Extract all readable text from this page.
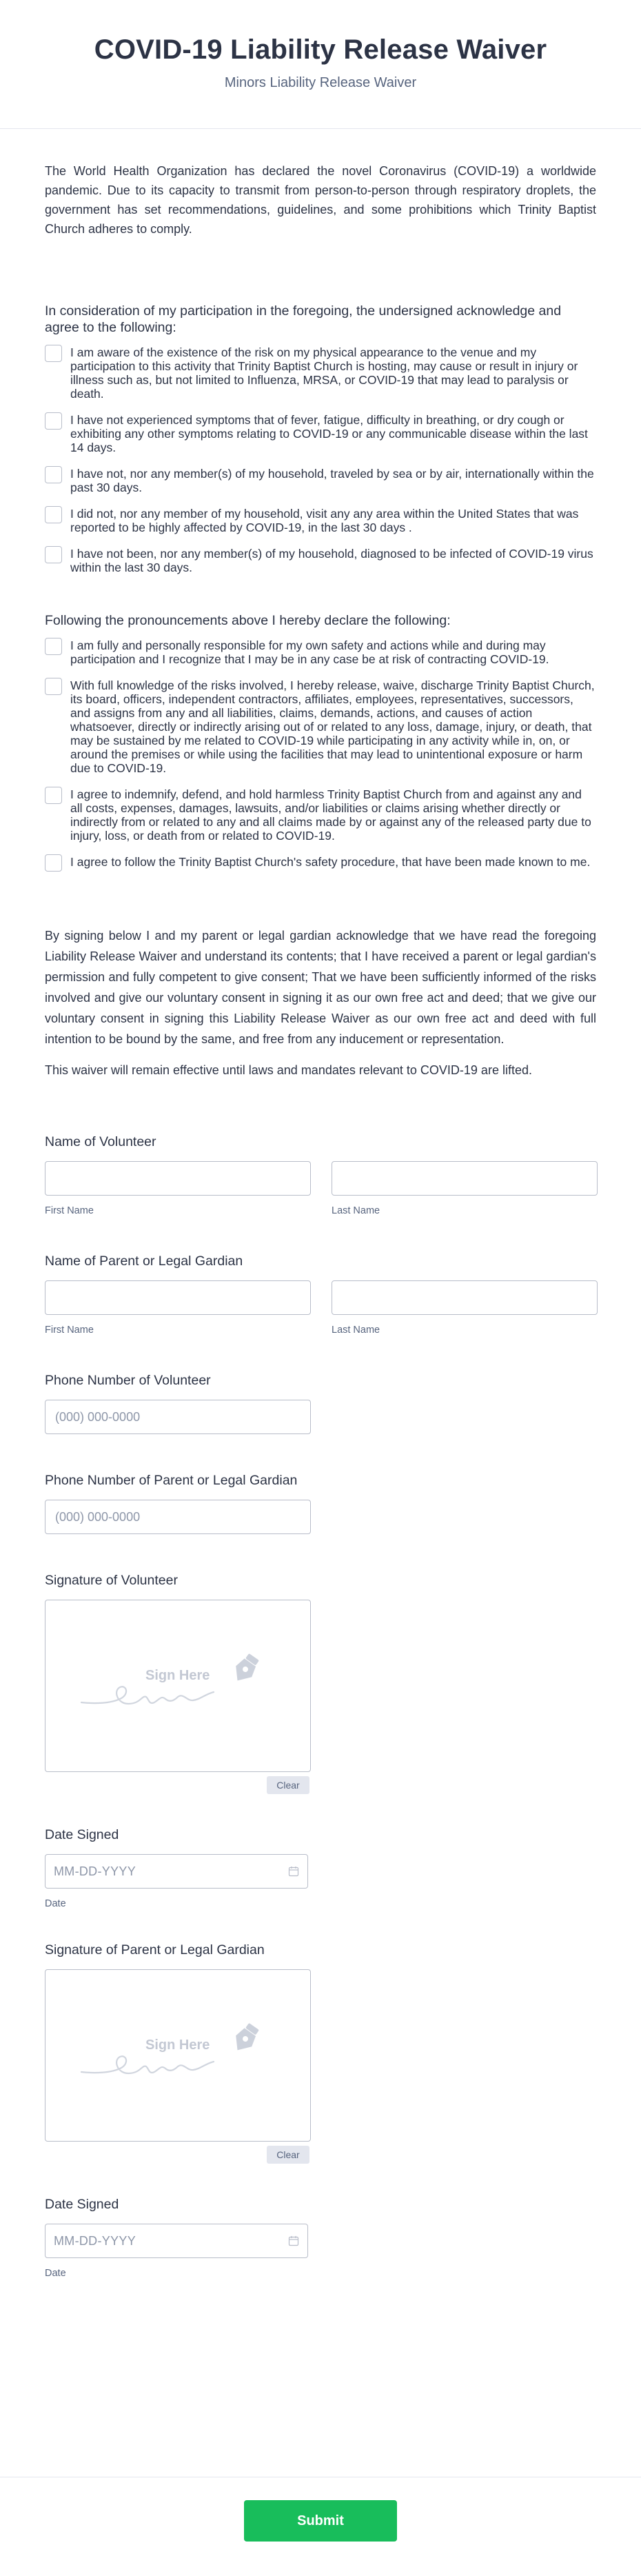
COVID-19 Liability Release Waiver
Minors Liability Release Waiver

The World Health Organization has declared the novel Coronavirus (COVID-19) a worldwide pandemic. Due to its capacity to transmit from person-to-person through respiratory droplets, the government has set recommendations, guidelines, and some prohibitions which Trinity Baptist Church adheres to comply.

In consideration of my participation in the foregoing, the undersigned acknowledge and agree to the following:
I am aware of the existence of the risk on my physical appearance to the venue and my participation to this activity that Trinity Baptist Church is hosting, may cause or result in injury or illness such as, but not limited to Influenza, MRSA, or COVID-19 that may lead to paralysis or death.
I have not experienced symptoms that of fever, fatigue, difficulty in breathing, or dry cough or exhibiting any other symptoms relating to COVID-19 or any communicable disease within the last 14 days.
I have not, nor any member(s) of my household, traveled by sea or by air, internationally within the past 30 days.
I did not, nor any member of my household, visit any any area within the United States that was reported to be highly affected by COVID-19, in the last 30 days .
I have not been, nor any member(s) of my household, diagnosed to be infected of COVID-19 virus within the last 30 days.
Following the pronouncements above I hereby declare the following:
I am fully and personally responsible for my own safety and actions while and during may participation and I recognize that I may be in any case be at risk of contracting COVID-19.
With full knowledge of the risks involved, I hereby release, waive, discharge Trinity Baptist Church, its board, officers, independent contractors, affiliates, employees, representatives, successors, and assigns from any and all liabilities, claims, demands, actions, and causes of action whatsoever, directly or indirectly arising out of or related to any loss, damage, injury, or death, that may be sustained by me related to COVID-19 while participating in any activity while in, on, or around the premises or while using the facilities that may lead to unintentional exposure or harm due to COVID-19.
I agree to indemnify, defend, and hold harmless Trinity Baptist Church from and against any and all costs, expenses, damages, lawsuits, and/or liabilities or claims arising whether directly or indirectly from or related to any and all claims made by or against any of the released party due to injury, loss, or death from or related to COVID-19.
I agree to follow the Trinity Baptist Church's safety procedure, that have been made known to me.

By signing below I and my parent or legal gardian acknowledge that we have read the foregoing Liability Release Waiver and understand its contents; that I have received a parent or legal gardian's permission and fully competent to give consent; That we have been sufficiently informed of the risks involved and give our voluntary consent in signing it as our own free act and deed; that we give our voluntary consent in signing this Liability Release Waiver as our own free act and deed with full intention to be bound by the same, and free from any inducement or representation.

This waiver will remain effective until laws and mandates relevant to COVID-19 are lifted.

Name of Volunteer
First Name	Last Name
Name of Parent or Legal Gardian
First Name	Last Name
Phone Number of Volunteer
(000) 000-0000
Phone Number of Parent or Legal Gardian
(000) 000-0000
Signature of Volunteer
Sign Here
Clear
Date Signed
MM-DD-YYYY
Date
Signature of Parent or Legal Gardian
Sign Here
Clear
Date Signed
MM-DD-YYYY
Date
Submit
